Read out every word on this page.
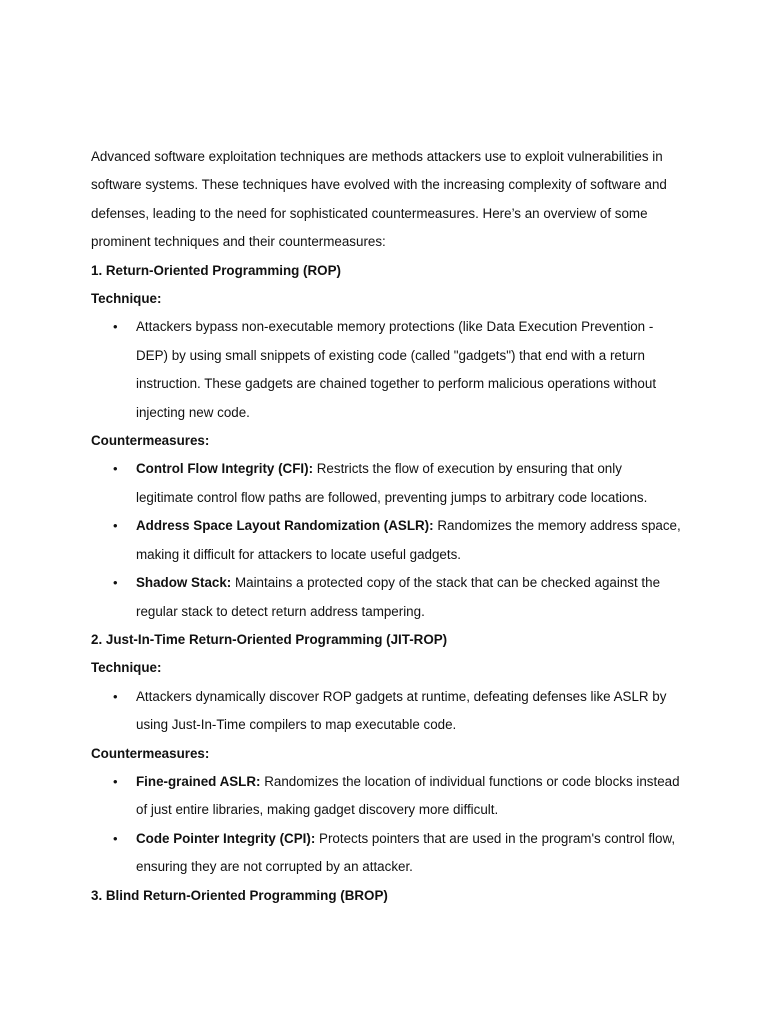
Advanced software exploitation techniques are methods attackers use to exploit vulnerabilities in software systems. These techniques have evolved with the increasing complexity of software and defenses, leading to the need for sophisticated countermeasures. Here’s an overview of some prominent techniques and their countermeasures:

1. Return-Oriented Programming (ROP)

Technique:

• Attackers bypass non-executable memory protections (like Data Execution Prevention - DEP) by using small snippets of existing code (called "gadgets") that end with a return instruction. These gadgets are chained together to perform malicious operations without injecting new code.

Countermeasures:

• Control Flow Integrity (CFI): Restricts the flow of execution by ensuring that only legitimate control flow paths are followed, preventing jumps to arbitrary code locations.
• Address Space Layout Randomization (ASLR): Randomizes the memory address space, making it difficult for attackers to locate useful gadgets.
• Shadow Stack: Maintains a protected copy of the stack that can be checked against the regular stack to detect return address tampering.

2. Just-In-Time Return-Oriented Programming (JIT-ROP)

Technique:

• Attackers dynamically discover ROP gadgets at runtime, defeating defenses like ASLR by using Just-In-Time compilers to map executable code.

Countermeasures:

• Fine-grained ASLR: Randomizes the location of individual functions or code blocks instead of just entire libraries, making gadget discovery more difficult.
• Code Pointer Integrity (CPI): Protects pointers that are used in the program's control flow, ensuring they are not corrupted by an attacker.

3. Blind Return-Oriented Programming (BROP)
